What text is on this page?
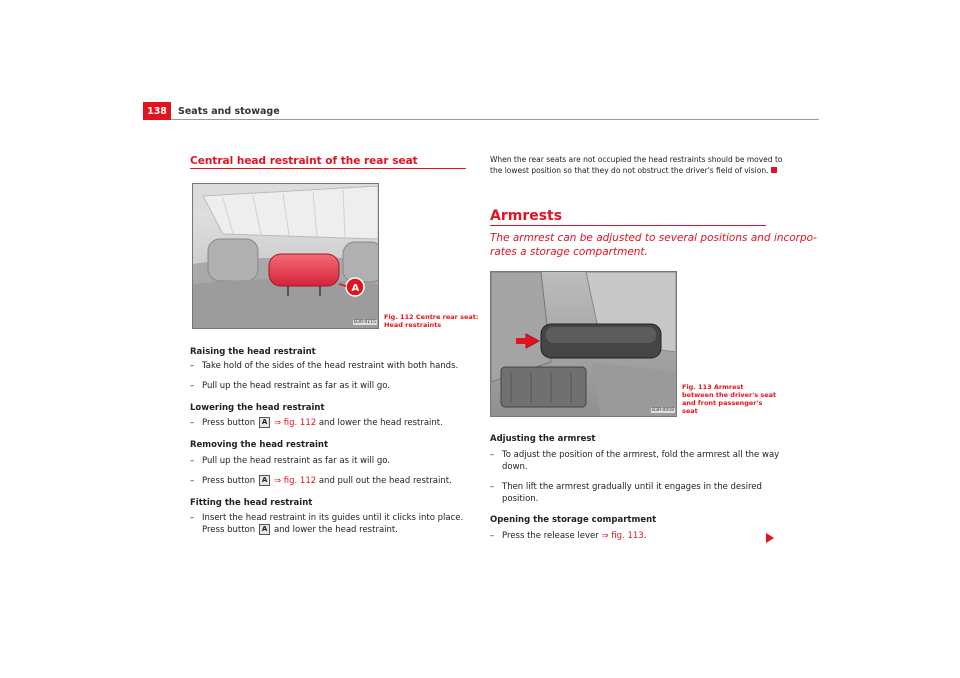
138	Seats and stowage
Central head restraint of the rear seat
A
B3R-0115
Fig. 112 Centre rear seat:
Head restraints
Raising the head restraint
– Take hold of the sides of the head restraint with both hands.
– Pull up the head restraint as far as it will go.
Lowering the head restraint
– Press button A ⇒ fig. 112 and lower the head restraint.
Removing the head restraint
– Pull up the head restraint as far as it will go.
– Press button A ⇒ fig. 112 and pull out the head restraint.
Fitting the head restraint
– Insert the head restraint in its guides until it clicks into place.
Press button A and lower the head restraint.
When the rear seats are not occupied the head restraints should be moved to
the lowest position so that they do not obstruct the driver's field of vision.
Armrests
The armrest can be adjusted to several positions and incorpo-
rates a storage compartment.
B3R-0058
Fig. 113 Armrest
between the driver's seat
and front passenger's
seat
Adjusting the armrest
– To adjust the position of the armrest, fold the armrest all the way
down.
– Then lift the armrest gradually until it engages in the desired
position.
Opening the storage compartment
– Press the release lever ⇒ fig. 113.
